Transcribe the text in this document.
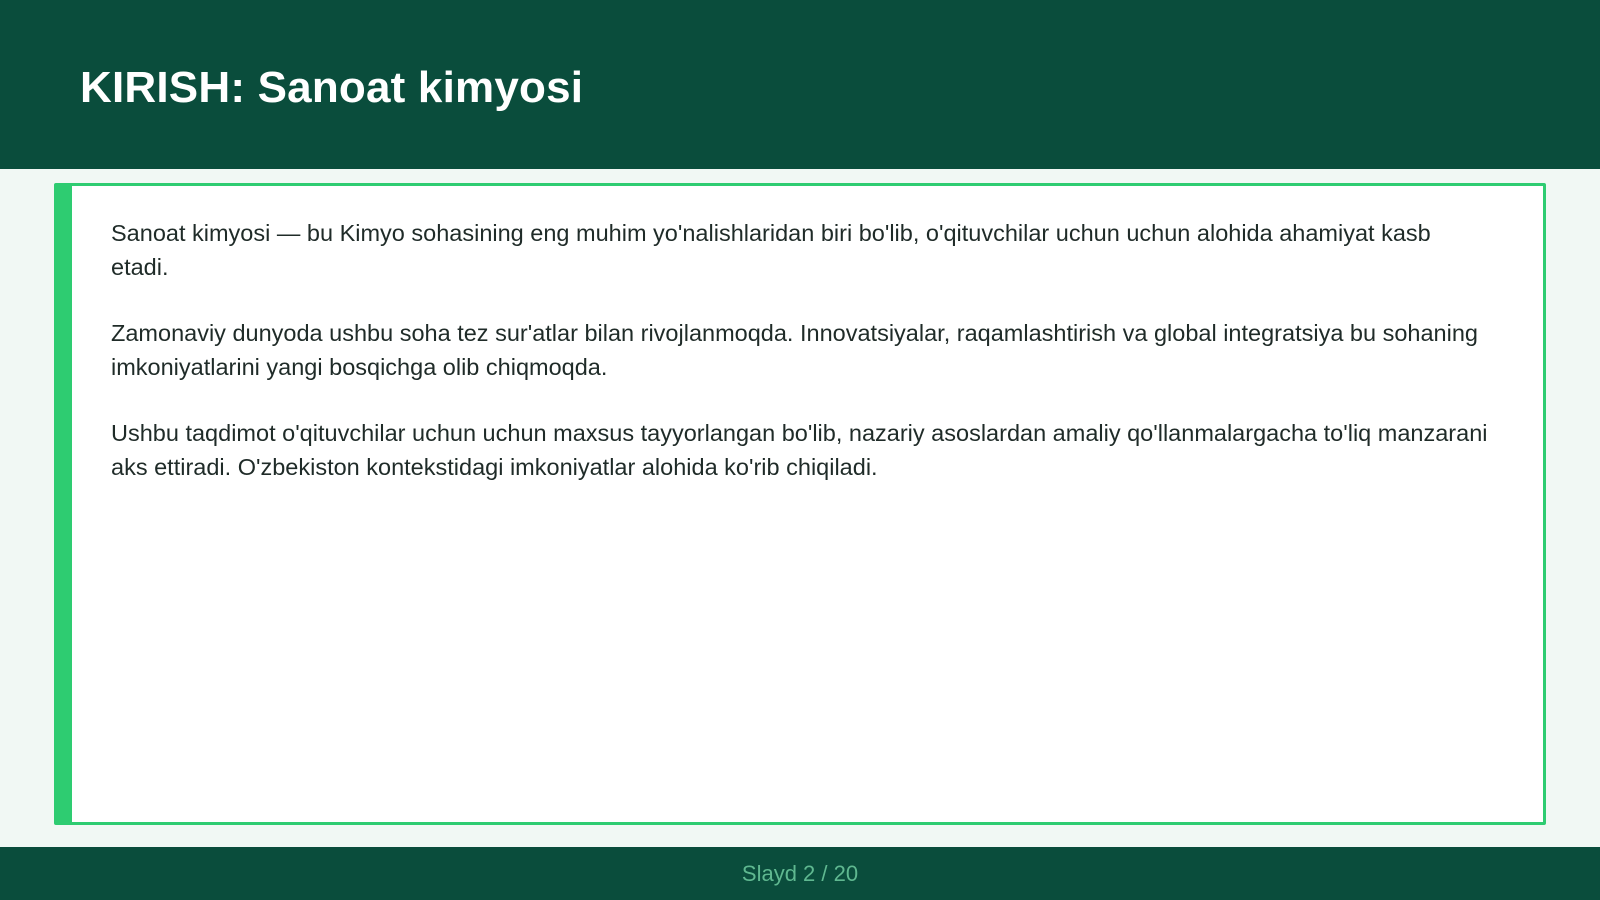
KIRISH: Sanoat kimyosi

Sanoat kimyosi — bu Kimyo sohasining eng muhim yo'nalishlaridan biri bo'lib, o'qituvchilar uchun uchun alohida ahamiyat kasb etadi.

Zamonaviy dunyoda ushbu soha tez sur'atlar bilan rivojlanmoqda. Innovatsiyalar, raqamlashtirish va global integratsiya bu sohaning imkoniyatlarini yangi bosqichga olib chiqmoqda.

Ushbu taqdimot o'qituvchilar uchun uchun maxsus tayyorlangan bo'lib, nazariy asoslardan amaliy qo'llanmalargacha to'liq manzarani aks ettiradi. O'zbekiston kontekstidagi imkoniyatlar alohida ko'rib chiqiladi.

Slayd 2 / 20
